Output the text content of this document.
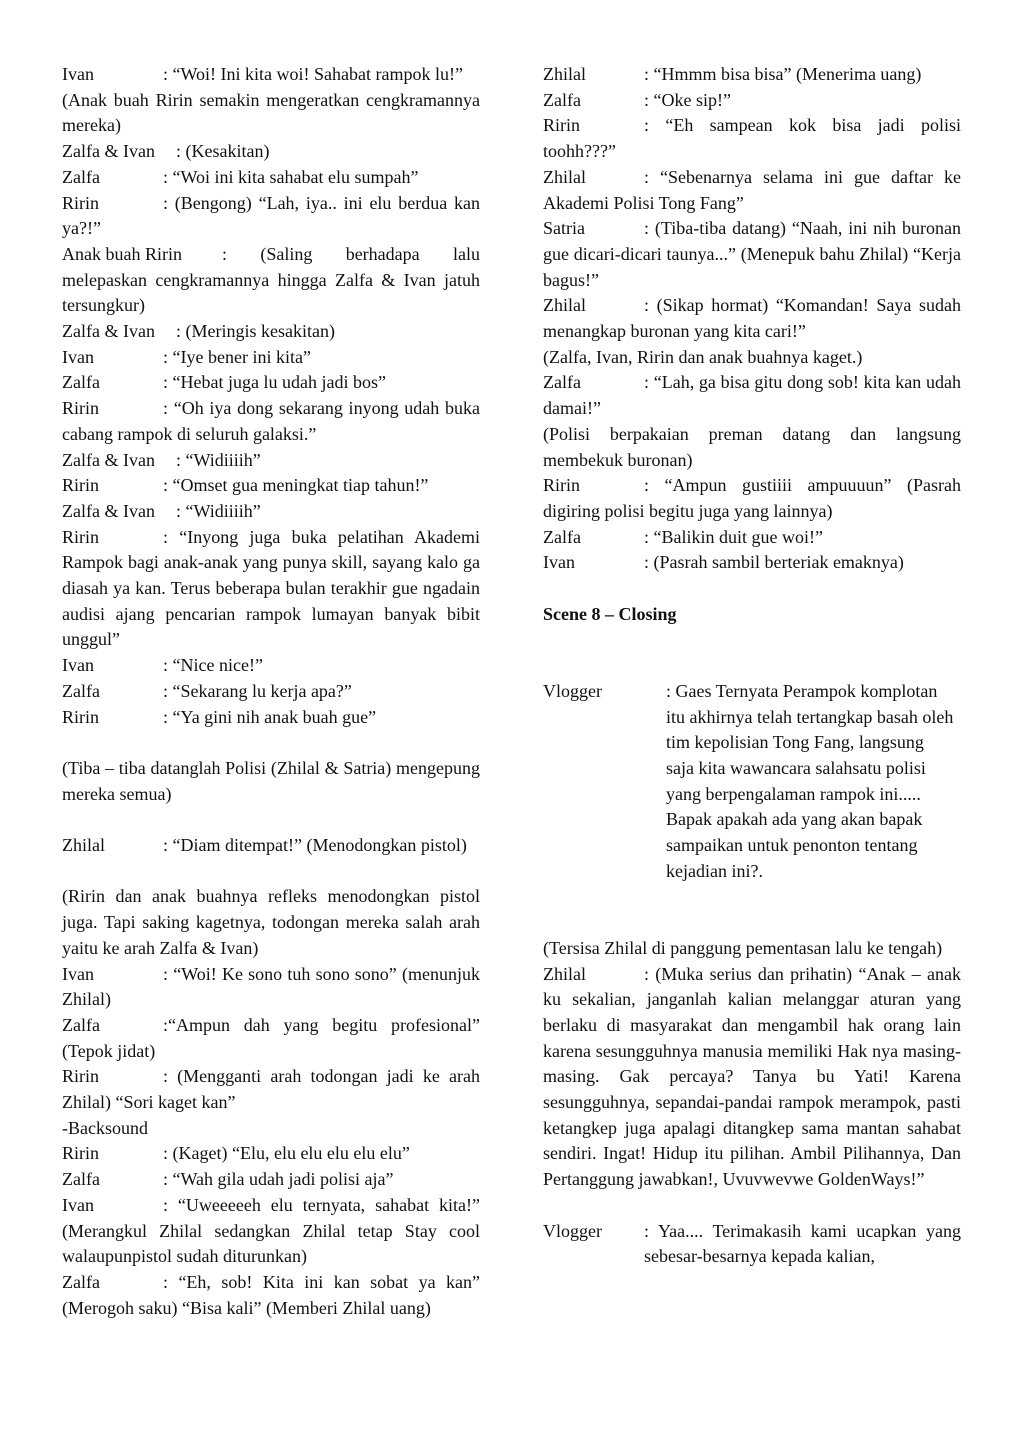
Ivan	: “Woi! Ini kita woi! Sahabat rampok lu!”

(Anak buah Ririn semakin mengeratkan cengkramannya mereka)

Zalfa & Ivan : (Kesakitan)

Zalfa	: “Woi ini kita sahabat elu sumpah”

Ririn	: (Bengong) “Lah, iya.. ini elu berdua kan ya?!”

Anak buah Ririn : (Saling berhadapa lalu melepaskan cengkramannya hingga Zalfa & Ivan jatuh tersungkur)

Zalfa & Ivan : (Meringis kesakitan)

Ivan	: “Iye bener ini kita”

Zalfa	: “Hebat juga lu udah jadi bos”

Ririn	: “Oh iya dong sekarang inyong udah buka cabang rampok di seluruh galaksi.”

Zalfa & Ivan : “Widiiiih”

Ririn	: “Omset gua meningkat tiap tahun!”

Zalfa & Ivan : “Widiiiih”

Ririn	: “Inyong juga buka pelatihan Akademi Rampok bagi anak-anak yang punya skill, sayang kalo ga diasah ya kan. Terus beberapa bulan terakhir gue ngadain audisi ajang pencarian rampok lumayan banyak bibit unggul”

Ivan	: “Nice nice!”

Zalfa	: “Sekarang lu kerja apa?”

Ririn	: “Ya gini nih anak buah gue”

(Tiba – tiba datanglah Polisi (Zhilal & Satria) mengepung mereka semua)

Zhilal	: “Diam ditempat!” (Menodongkan pistol)

(Ririn dan anak buahnya refleks menodongkan pistol juga. Tapi saking kagetnya, todongan mereka salah arah yaitu ke arah Zalfa & Ivan)

Ivan	: “Woi! Ke sono tuh sono sono” (menunjuk Zhilal)

Zalfa	:“Ampun dah yang begitu profesional” (Tepok jidat)

Ririn	: (Mengganti arah todongan jadi ke arah Zhilal) “Sori kaget kan”

-Backsound

Ririn	: (Kaget) “Elu, elu elu elu elu elu”

Zalfa	: “Wah gila udah jadi polisi aja”

Ivan	: “Uweeeeeh elu ternyata, sahabat kita!” (Merangkul Zhilal sedangkan Zhilal tetap Stay cool walaupunpistol sudah diturunkan)

Zalfa	: “Eh, sob! Kita ini kan sobat ya kan” (Merogoh saku) “Bisa kali” (Memberi Zhilal uang)

Zhilal	: “Hmmm bisa bisa” (Menerima uang)

Zalfa	: “Oke sip!”

Ririn	: “Eh sampean kok bisa jadi polisi toohh???”

Zhilal	: “Sebenarnya selama ini gue daftar ke Akademi Polisi Tong Fang”

Satria	: (Tiba-tiba datang) “Naah, ini nih buronan gue dicari-dicari taunya...” (Menepuk bahu Zhilal) “Kerja bagus!”

Zhilal	: (Sikap hormat) “Komandan! Saya sudah menangkap buronan yang kita cari!”

(Zalfa, Ivan, Ririn dan anak buahnya kaget.)

Zalfa	: “Lah, ga bisa gitu dong sob! kita kan udah damai!”

(Polisi berpakaian preman datang dan langsung membekuk buronan)

Ririn	: “Ampun gustiiii ampuuuun” (Pasrah digiring polisi begitu juga yang lainnya)

Zalfa	: “Balikin duit gue woi!”

Ivan	: (Pasrah sambil berteriak emaknya)

Scene 8 – Closing

Vlogger	: Gaes Ternyata Perampok komplotan itu akhirnya telah tertangkap basah oleh tim kepolisian Tong Fang, langsung saja kita wawancara salahsatu polisi yang berpengalaman rampok ini..... Bapak apakah ada yang akan bapak sampaikan untuk penonton tentang kejadian ini?.

(Tersisa Zhilal di panggung pementasan lalu ke tengah)

Zhilal	: (Muka serius dan prihatin) “Anak – anak ku sekalian, janganlah kalian melanggar aturan yang berlaku di masyarakat dan mengambil hak orang lain karena sesungguhnya manusia memiliki Hak nya masing-masing. Gak percaya? Tanya bu Yati! Karena sesungguhnya, sepandai-pandai rampok merampok, pasti ketangkep juga apalagi ditangkep sama mantan sahabat sendiri. Ingat! Hidup itu pilihan. Ambil Pilihannya, Dan Pertanggung jawabkan!, Uvuvwevwe GoldenWays!”

Vlogger	: Yaa.... Terimakasih kami ucapkan yang sebesar-besarnya kepada kalian,
